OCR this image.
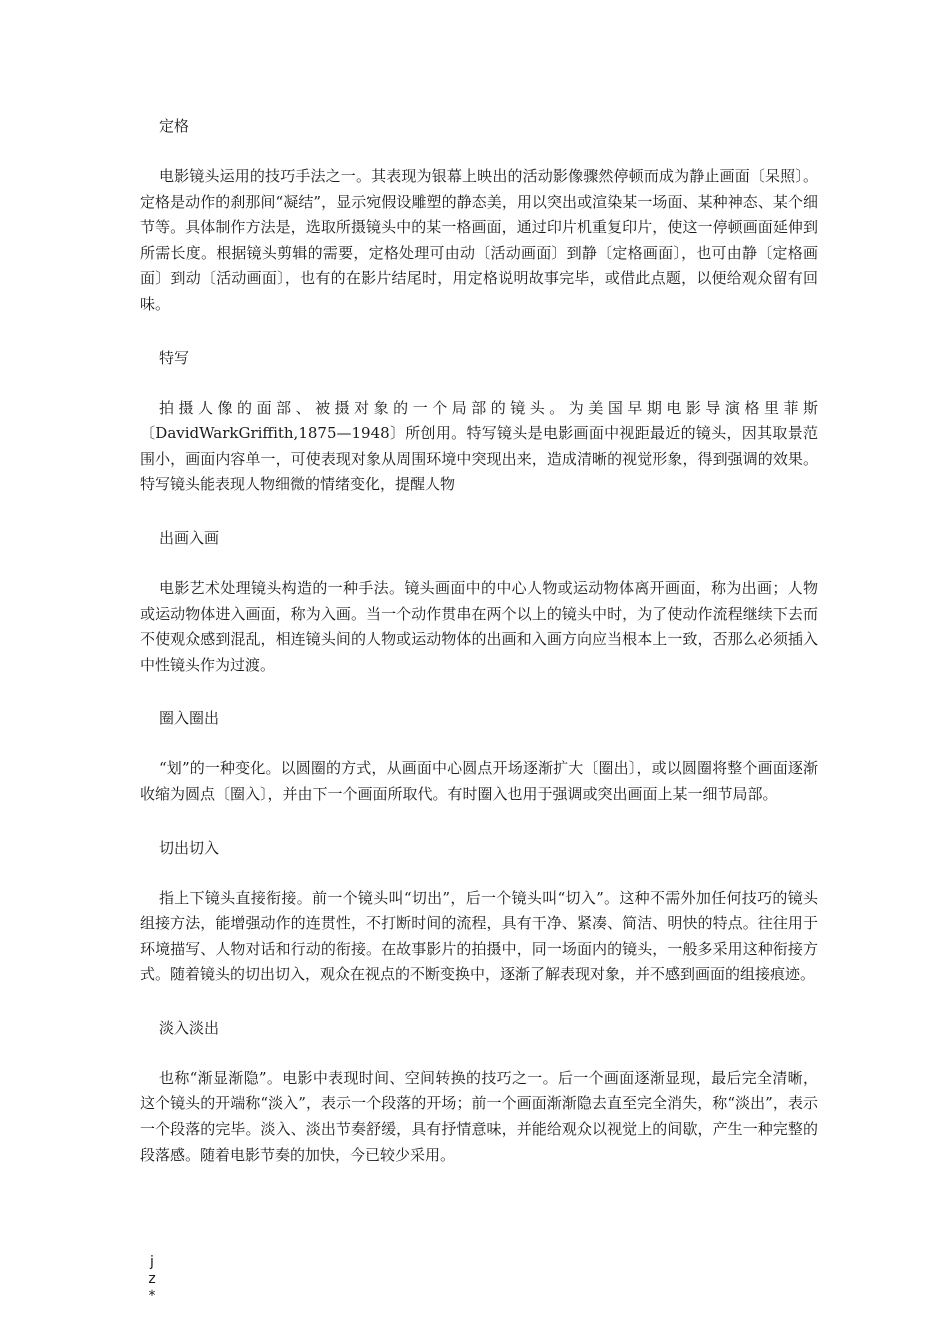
定格

电影镜头运用的技巧手法之一。其表现为银幕上映出的活动影像骤然停顿而成为静止画面〔呆照〕。定格是动作的刹那间“凝结”，显示宛假设雕塑的静态美，用以突出或渲染某一场面、某种神态、某个细节等。具体制作方法是，选取所摄镜头中的某一格画面，通过印片机重复印片，使这一停顿画面延伸到所需长度。根据镜头剪辑的需要，定格处理可由动〔活动画面〕到静〔定格画面〕，也可由静〔定格画面〕到动〔活动画面〕，也有的在影片结尾时，用定格说明故事完毕，或借此点题，以便给观众留有回味。

特写

拍摄人像的面部、被摄对象的一个局部的镜头。为美国早期电影导演格里菲斯〔DavidWarkGriffith,1875—1948〕所创用。特写镜头是电影画面中视距最近的镜头，因其取景范围小，画面内容单一，可使表现对象从周围环境中突现出来，造成清晰的视觉形象，得到强调的效果。特写镜头能表现人物细微的情绪变化，提醒人物

出画入画

电影艺术处理镜头构造的一种手法。镜头画面中的中心人物或运动物体离开画面，称为出画；人物或运动物体进入画面，称为入画。当一个动作贯串在两个以上的镜头中时，为了使动作流程继续下去而不使观众感到混乱，相连镜头间的人物或运动物体的出画和入画方向应当根本上一致，否那么必须插入中性镜头作为过渡。

圈入圈出

“划”的一种变化。以圆圈的方式，从画面中心圆点开场逐渐扩大〔圈出〕，或以圆圈将整个画面逐渐收缩为圆点〔圈入〕，并由下一个画面所取代。有时圈入也用于强调或突出画面上某一细节局部。

切出切入

指上下镜头直接衔接。前一个镜头叫“切出”，后一个镜头叫“切入”。这种不需外加任何技巧的镜头组接方法，能增强动作的连贯性，不打断时间的流程，具有干净、紧凑、简洁、明快的特点。往往用于环境描写、人物对话和行动的衔接。在故事影片的拍摄中，同一场面内的镜头，一般多采用这种衔接方式。随着镜头的切出切入，观众在视点的不断变换中，逐渐了解表现对象，并不感到画面的组接痕迹。

淡入淡出

也称“渐显渐隐”。电影中表现时间、空间转换的技巧之一。后一个画面逐渐显现，最后完全清晰，这个镜头的开端称“淡入”，表示一个段落的开场；前一个画面渐渐隐去直至完全消失，称“淡出”，表示一个段落的完毕。淡入、淡出节奏舒缓，具有抒情意味，并能给观众以视觉上的间歇，产生一种完整的段落感。随着电影节奏的加快，今已较少采用。

j
z
*
